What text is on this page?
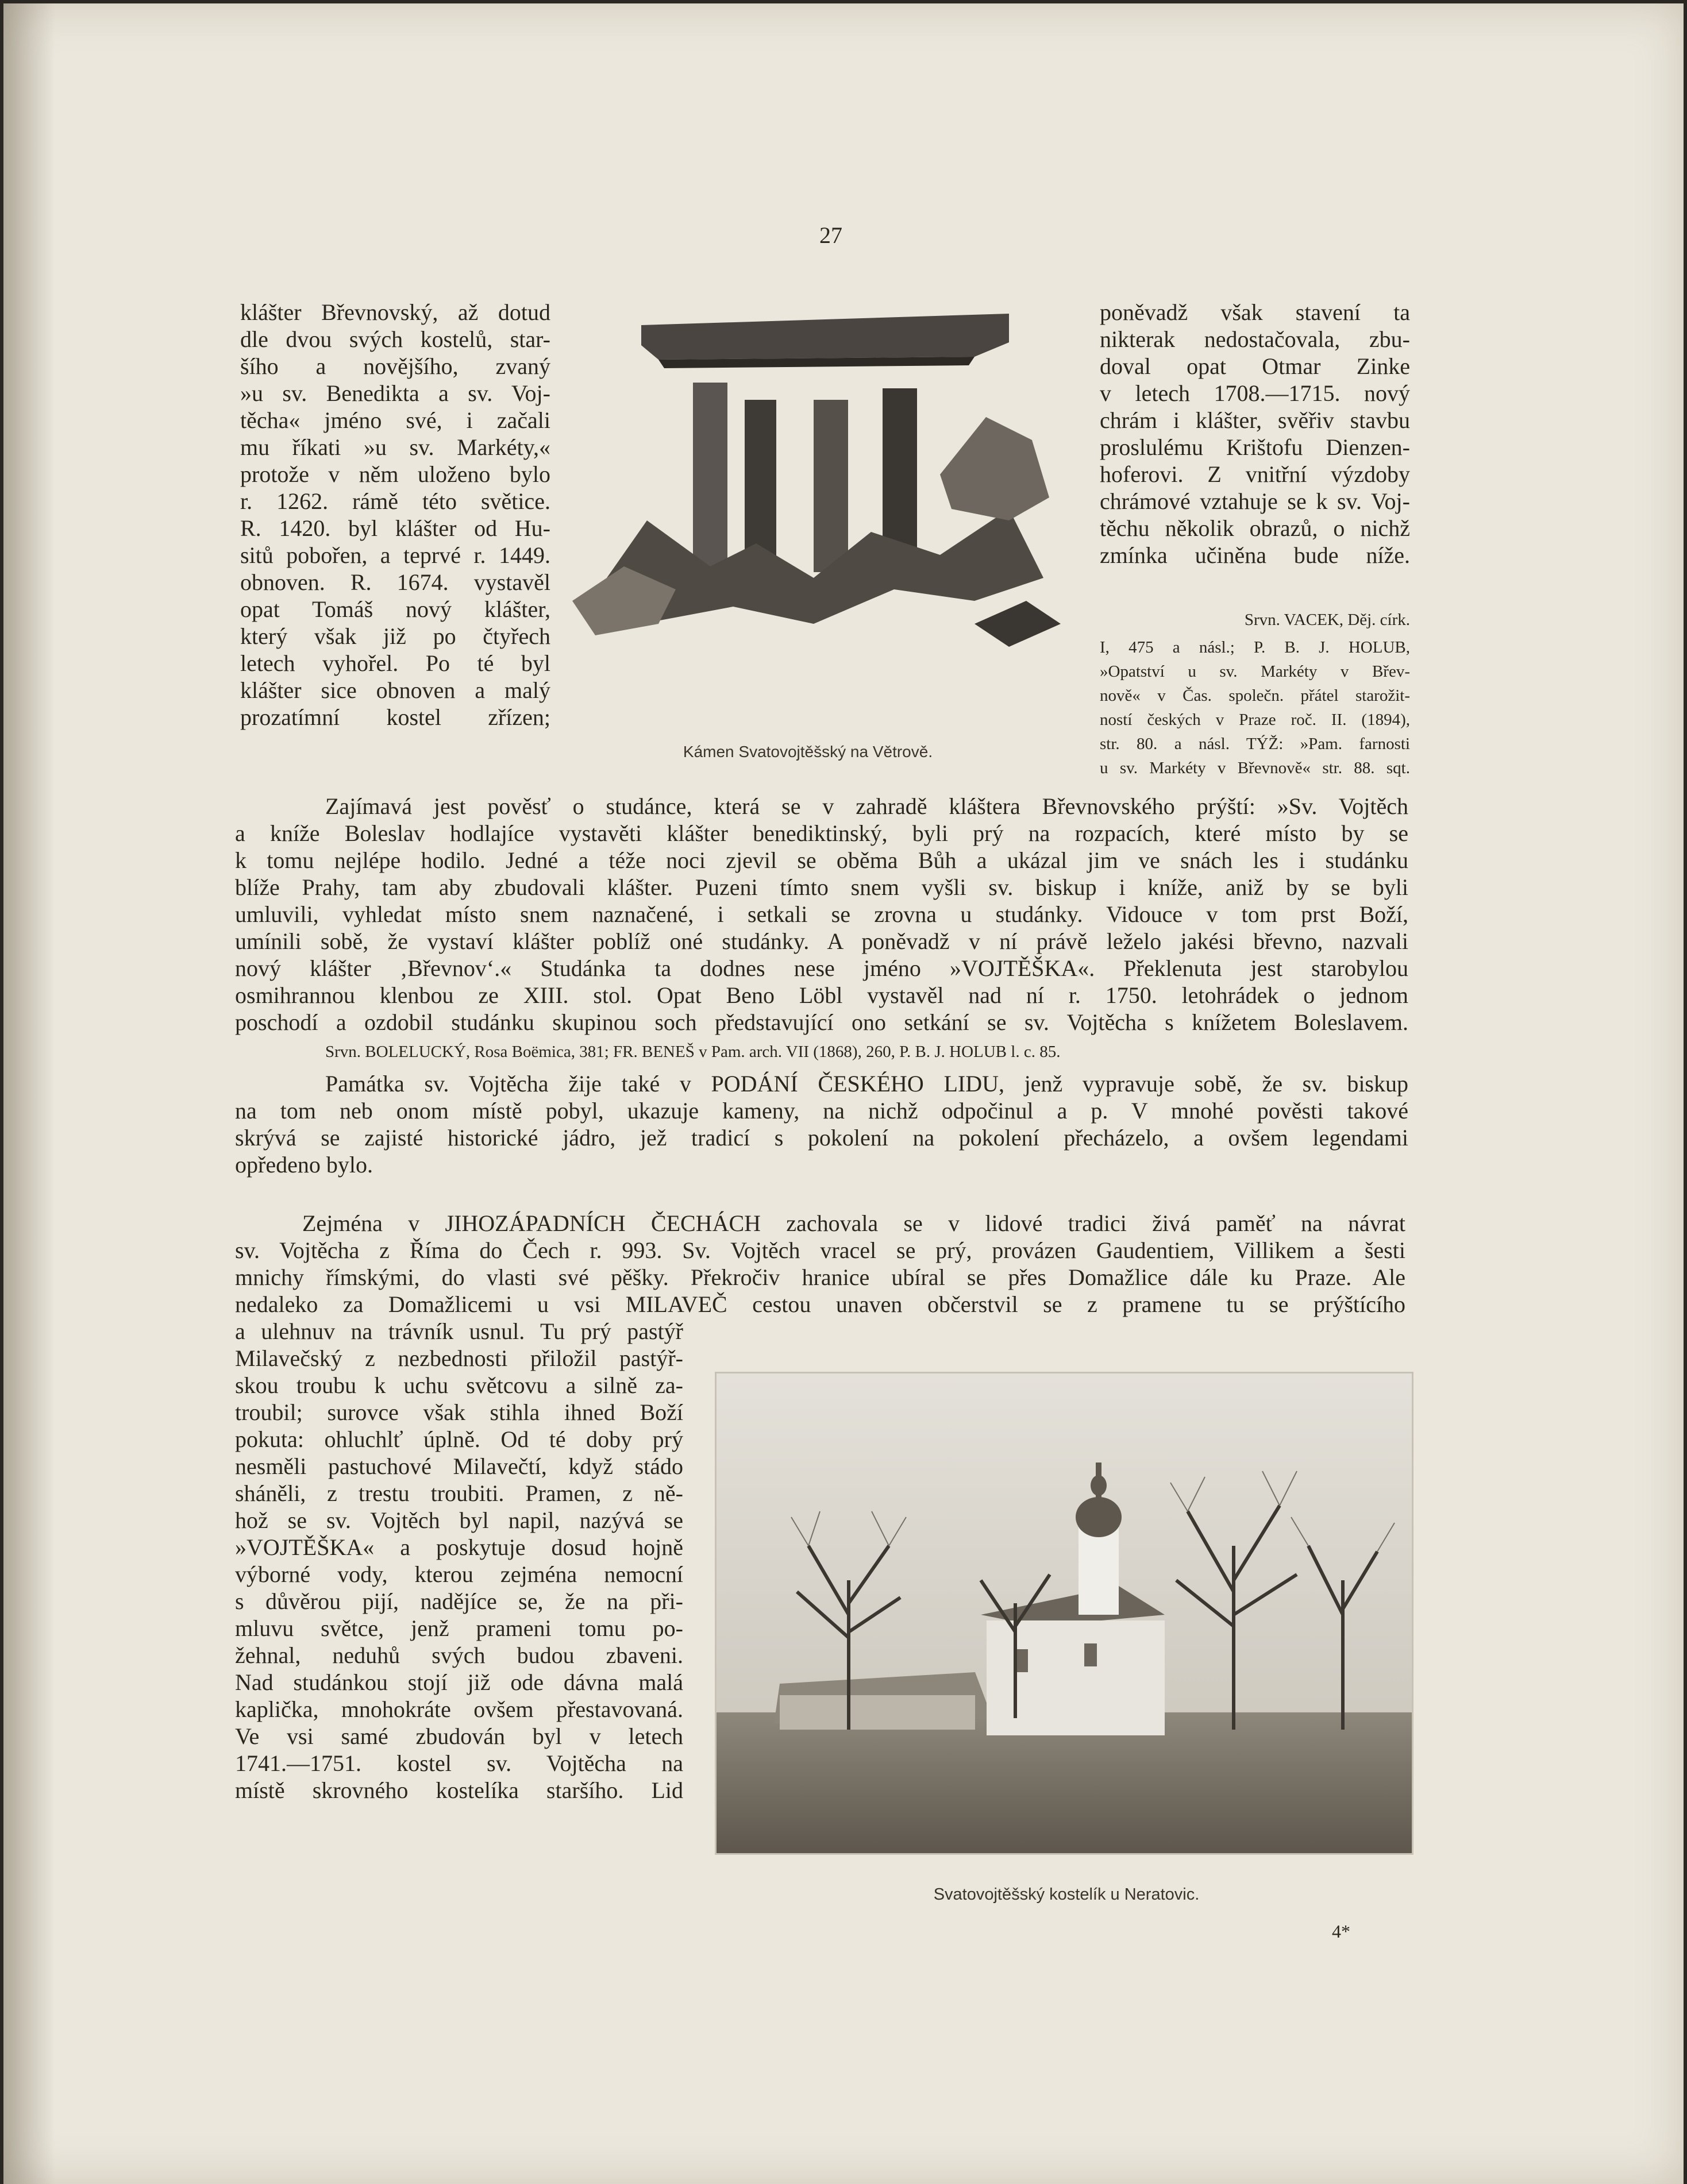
27
Kámen Svatovojtěšský na Větrově.
klášter Břevnovský, až dotud
dle dvou svých kostelů, star-
šího a novějšího, zvaný
»u sv. Benedikta a sv. Voj-
těcha« jméno své, i začali
mu říkati »u sv. Markéty,«
protože v něm uloženo bylo
r. 1262. rámě této světice.
R. 1420. byl klášter od Hu-
sitů pobořen, a teprvé r. 1449.
obnoven. R. 1674. vystavěl
opat Tomáš nový klášter,
který však již po čtyřech
letech vyhořel. Po té byl
klášter sice obnoven a malý
prozatímní kostel zřízen;
poněvadž však stavení ta
nikterak nedostačovala, zbu-
doval opat Otmar Zinke
v letech 1708.—1715. nový
chrám i klášter, svěřiv stavbu
proslulému Krištofu Dienzen-
hoferovi. Z vnitřní výzdoby
chrámové vztahuje se k sv. Voj-
těchu několik obrazů, o nichž
zmínka učiněna bude níže.
Srvn. VACEK, Děj. círk.
I, 475 a násl.; P. B. J. HOLUB,
»Opatství u sv. Markéty v Břev-
nově« v Čas. společn. přátel starožit-
ností českých v Praze roč. II. (1894),
str. 80. a násl. TÝŽ: »Pam. farnosti
u sv. Markéty v Břevnově« str. 88. sqt.
Zajímavá jest pověsť o studánce, která se v zahradě kláštera Břevnovského prýští: »Sv. Vojtěch
a kníže Boleslav hodlajíce vystavěti klášter benediktinský, byli prý na rozpacích, které místo by se
k tomu nejlépe hodilo. Jedné a téže noci zjevil se oběma Bůh a ukázal jim ve snách les i studánku
blíže Prahy, tam aby zbudovali klášter. Puzeni tímto snem vyšli sv. biskup i kníže, aniž by se byli
umluvili, vyhledat místo snem naznačené, i setkali se zrovna u studánky. Vidouce v tom prst Boží,
umínili sobě, že vystaví klášter poblíž oné studánky. A poněvadž v ní právě leželo jakési břevno, nazvali
nový klášter ‚Břevnov‘.« Studánka ta dodnes nese jméno »VOJTĚŠKA«. Překlenuta jest starobylou
osmihrannou klenbou ze XIII. stol. Opat Beno Löbl vystavěl nad ní r. 1750. letohrádek o jednom
poschodí a ozdobil studánku skupinou soch představující ono setkání se sv. Vojtěcha s knížetem Boleslavem.
Srvn. BOLELUCKÝ, Rosa Boëmica, 381; FR. BENEŠ v Pam. arch. VII (1868), 260, P. B. J. HOLUB l. c. 85.
Památka sv. Vojtěcha žije také v PODÁNÍ ČESKÉHO LIDU, jenž vypravuje sobě, že sv. biskup
na tom neb onom místě pobyl, ukazuje kameny, na nichž odpočinul a p. V mnohé pověsti takové
skrývá se zajisté historické jádro, jež tradicí s pokolení na pokolení přecházelo, a ovšem legendami
opředeno bylo.
Zejména v JIHOZÁPADNÍCH ČECHÁCH zachovala se v lidové tradici živá paměť na návrat
sv. Vojtěcha z Říma do Čech r. 993. Sv. Vojtěch vracel se prý, provázen Gaudentiem, Villikem a šesti
mnichy římskými, do vlasti své pěšky. Překročiv hranice ubíral se přes Domažlice dále ku Praze. Ale
nedaleko za Domažlicemi u vsi MILAVEČ cestou unaven občerstvil se z pramene tu se prýštícího
a ulehnuv na trávník usnul. Tu prý pastýř
Milavečský z nezbednosti přiložil pastýř-
skou troubu k uchu světcovu a silně za-
troubil; surovce však stihla ihned Boží
pokuta: ohluchlť úplně. Od té doby prý
nesměli pastuchové Milavečtí, když stádo
sháněli, z trestu troubiti. Pramen, z ně-
hož se sv. Vojtěch byl napil, nazývá se
»VOJTĚŠKA« a poskytuje dosud hojně
výborné vody, kterou zejména nemocní
s důvěrou pijí, nadějíce se, že na při-
mluvu světce, jenž prameni tomu po-
žehnal, neduhů svých budou zbaveni.
Nad studánkou stojí již ode dávna malá
kaplička, mnohokráte ovšem přestavovaná.
Ve vsi samé zbudován byl v letech
1741.—1751. kostel sv. Vojtěcha na
místě skrovného kostelíka staršího. Lid
Svatovojtěšský kostelík u Neratovic.
4*
